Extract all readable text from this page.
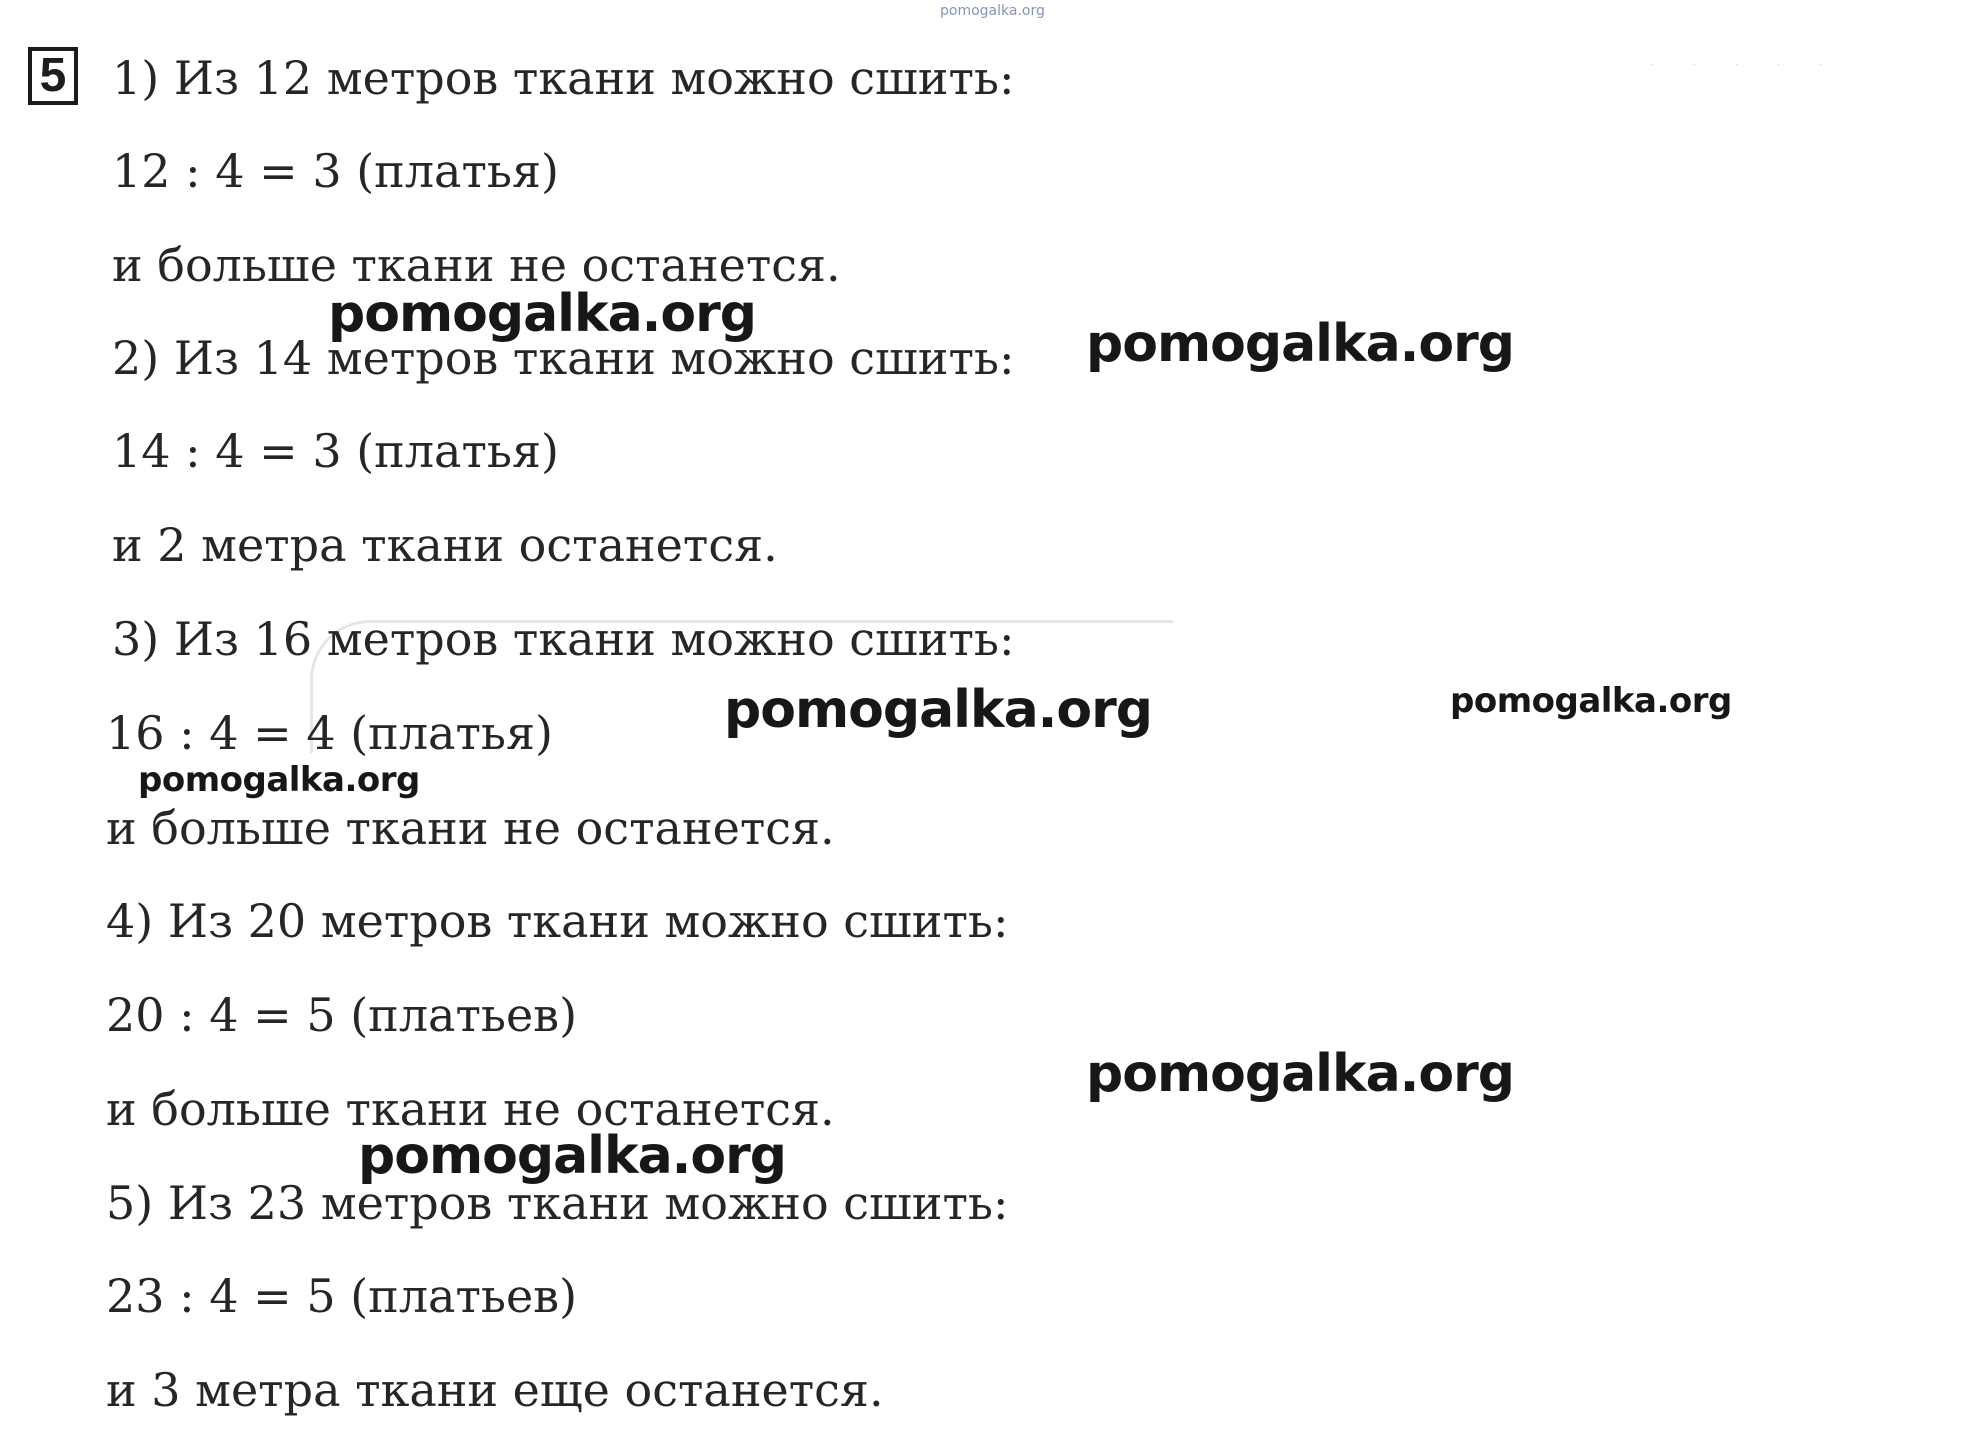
pomogalka.org
· · · · ·
5 1) Из 12 метров ткани можно сшить:
12 : 4 = 3 (платья)
и больше ткани не останется.
2) Из 14 метров ткани можно сшить:
14 : 4 = 3 (платья)
и 2 метра ткани останется.
3) Из 16 метров ткани можно сшить:
16 : 4 = 4 (платья)
и больше ткани не останется.
4) Из 20 метров ткани можно сшить:
20 : 4 = 5 (платьев)
и больше ткани не останется.
5) Из 23 метров ткани можно сшить:
23 : 4 = 5 (платьев)
и 3 метра ткани еще останется.
pomogalka.org	pomogalka.org
pomogalka.org	pomogalka.org
pomogalka.org
pomogalka.org
pomogalka.org
